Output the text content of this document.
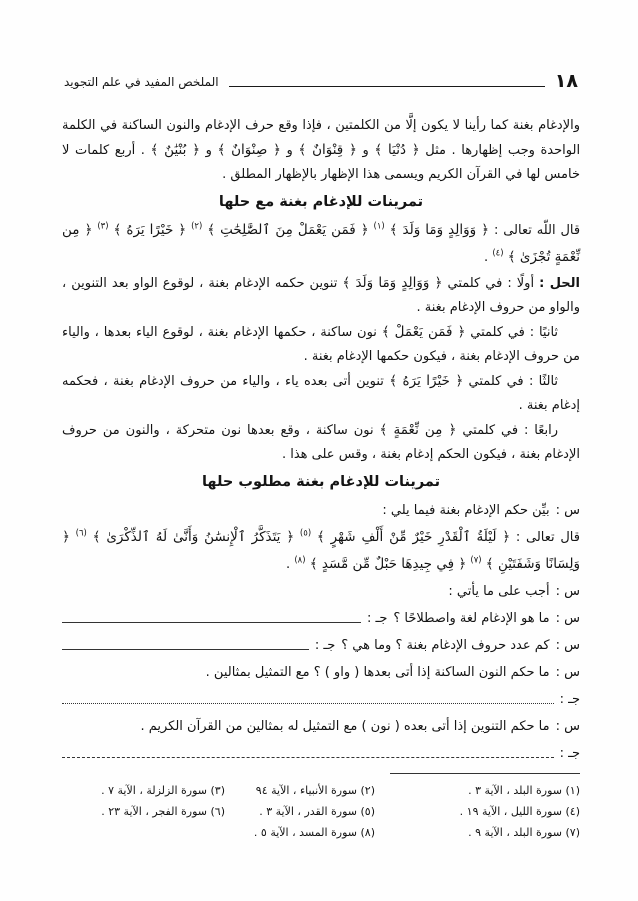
١٨
الملخص المفيد في علم التجويد

والإدغام بغنة كما رأينا لا يكون إلَّا من الكلمتين ، فإذا وقع حرف الإدغام والنون الساكنة في الكلمة الواحدة وجب إظهارها . مثل ﴿ دُنْيَا ﴾ و ﴿ قِنْوَانٌ ﴾ و ﴿ صِنْوَانٌ ﴾ و ﴿ بُنْيَٰنٌ ﴾ . أربع كلمات لا خامس لها في القرآن الكريم ويسمى هذا الإظهار بالإظهار المطلق .

تمرينات للإدغام بغنة مع حلها

قال اللّه تعالى : ﴿ وَوَالِدٍ وَمَا وَلَدَ ﴾ $^{(١)}$ ﴿ فَمَن يَعْمَلْ مِنَ ٱلصَّٰلِحَٰتِ ﴾ $^{(٢)}$ ﴿ خَيْرًا يَرَهُ ﴾ $^{(٣)}$ ﴿ مِن نِّعْمَةٍ تُجْزَىٰ ﴾ $^{(٤)}$ .

الحل : أولًا : في كلمتي ﴿ وَوَالِدٍ وَمَا وَلَدَ ﴾ تنوين حكمه الإدغام بغنة ، لوقوع الواو بعد التنوين ، والواو من حروف الإدغام بغنة .

ثانيًا : في كلمتي ﴿ فَمَن يَعْمَلْ ﴾ نون ساكنة ، حكمها الإدغام بغنة ، لوقوع الياء بعدها ، والياء من حروف الإدغام بغنة ، فيكون حكمها الإدغام بغنة .

ثالثًا : في كلمتي ﴿ خَيْرًا يَرَهُ ﴾ تنوين أتى بعده ياء ، والياء من حروف الإدغام بغنة ، فحكمه إدغام بغنة .

رابعًا : في كلمتي ﴿ مِن نِّعْمَةٍ ﴾ نون ساكنة ، وقع بعدها نون متحركة ، والنون من حروف الإدغام بغنة ، فيكون الحكم إدغام بغنة ، وقس على هذا .

تمرينات للإدغام بغنة مطلوب حلها
س :
بيِّن حكم الإدغام بغنة فيما يلي :

قال تعالى : ﴿ لَيْلَةُ ٱلْقَدْرِ خَيْرٌ مِّنْ أَلْفِ شَهْرٍ ﴾ $^{(٥)}$ ﴿ يَتَذَكَّرُ ٱلْإِنسَٰنُ وَأَنَّىٰ لَهُ ٱلذِّكْرَىٰ ﴾ $^{(٦)}$ ﴿ وَلِسَانًا وَشَفَتَيْنِ ﴾ $^{(٧)}$ ﴿ فِي جِيدِهَا حَبْلٌ مِّن مَّسَدٍ ﴾ $^{(٨)}$ .

س :
أجب على ما يأتي :
س :
ما هو الإدغام لغة واصطلاحًا ؟
جـ :
س :
كم عدد حروف الإدغام بغنة ؟ وما هي ؟
جـ :
س :
ما حكم النون الساكنة إذا أتى بعدها ( واو ) ؟ مع التمثيل بمثالين .
جـ :
س :
ما حكم التنوين إذا أتى بعده ( نون ) مع التمثيل له بمثالين من القرآن الكريم .
جـ :
(١) سورة البلد ، الآية ٣ .
(٢) سورة الأنبياء ، الآية ٩٤
(٣) سورة الزلزلة ، الآية ٧ .
(٤) سورة الليل ، الآية ١٩ .
(٥) سورة القدر ، الآية ٣ .
(٦) سورة الفجر ، الآية ٢٣ .
(٧) سورة البلد ، الآية ٩ .
(٨) سورة المسد ، الآية ٥ .
